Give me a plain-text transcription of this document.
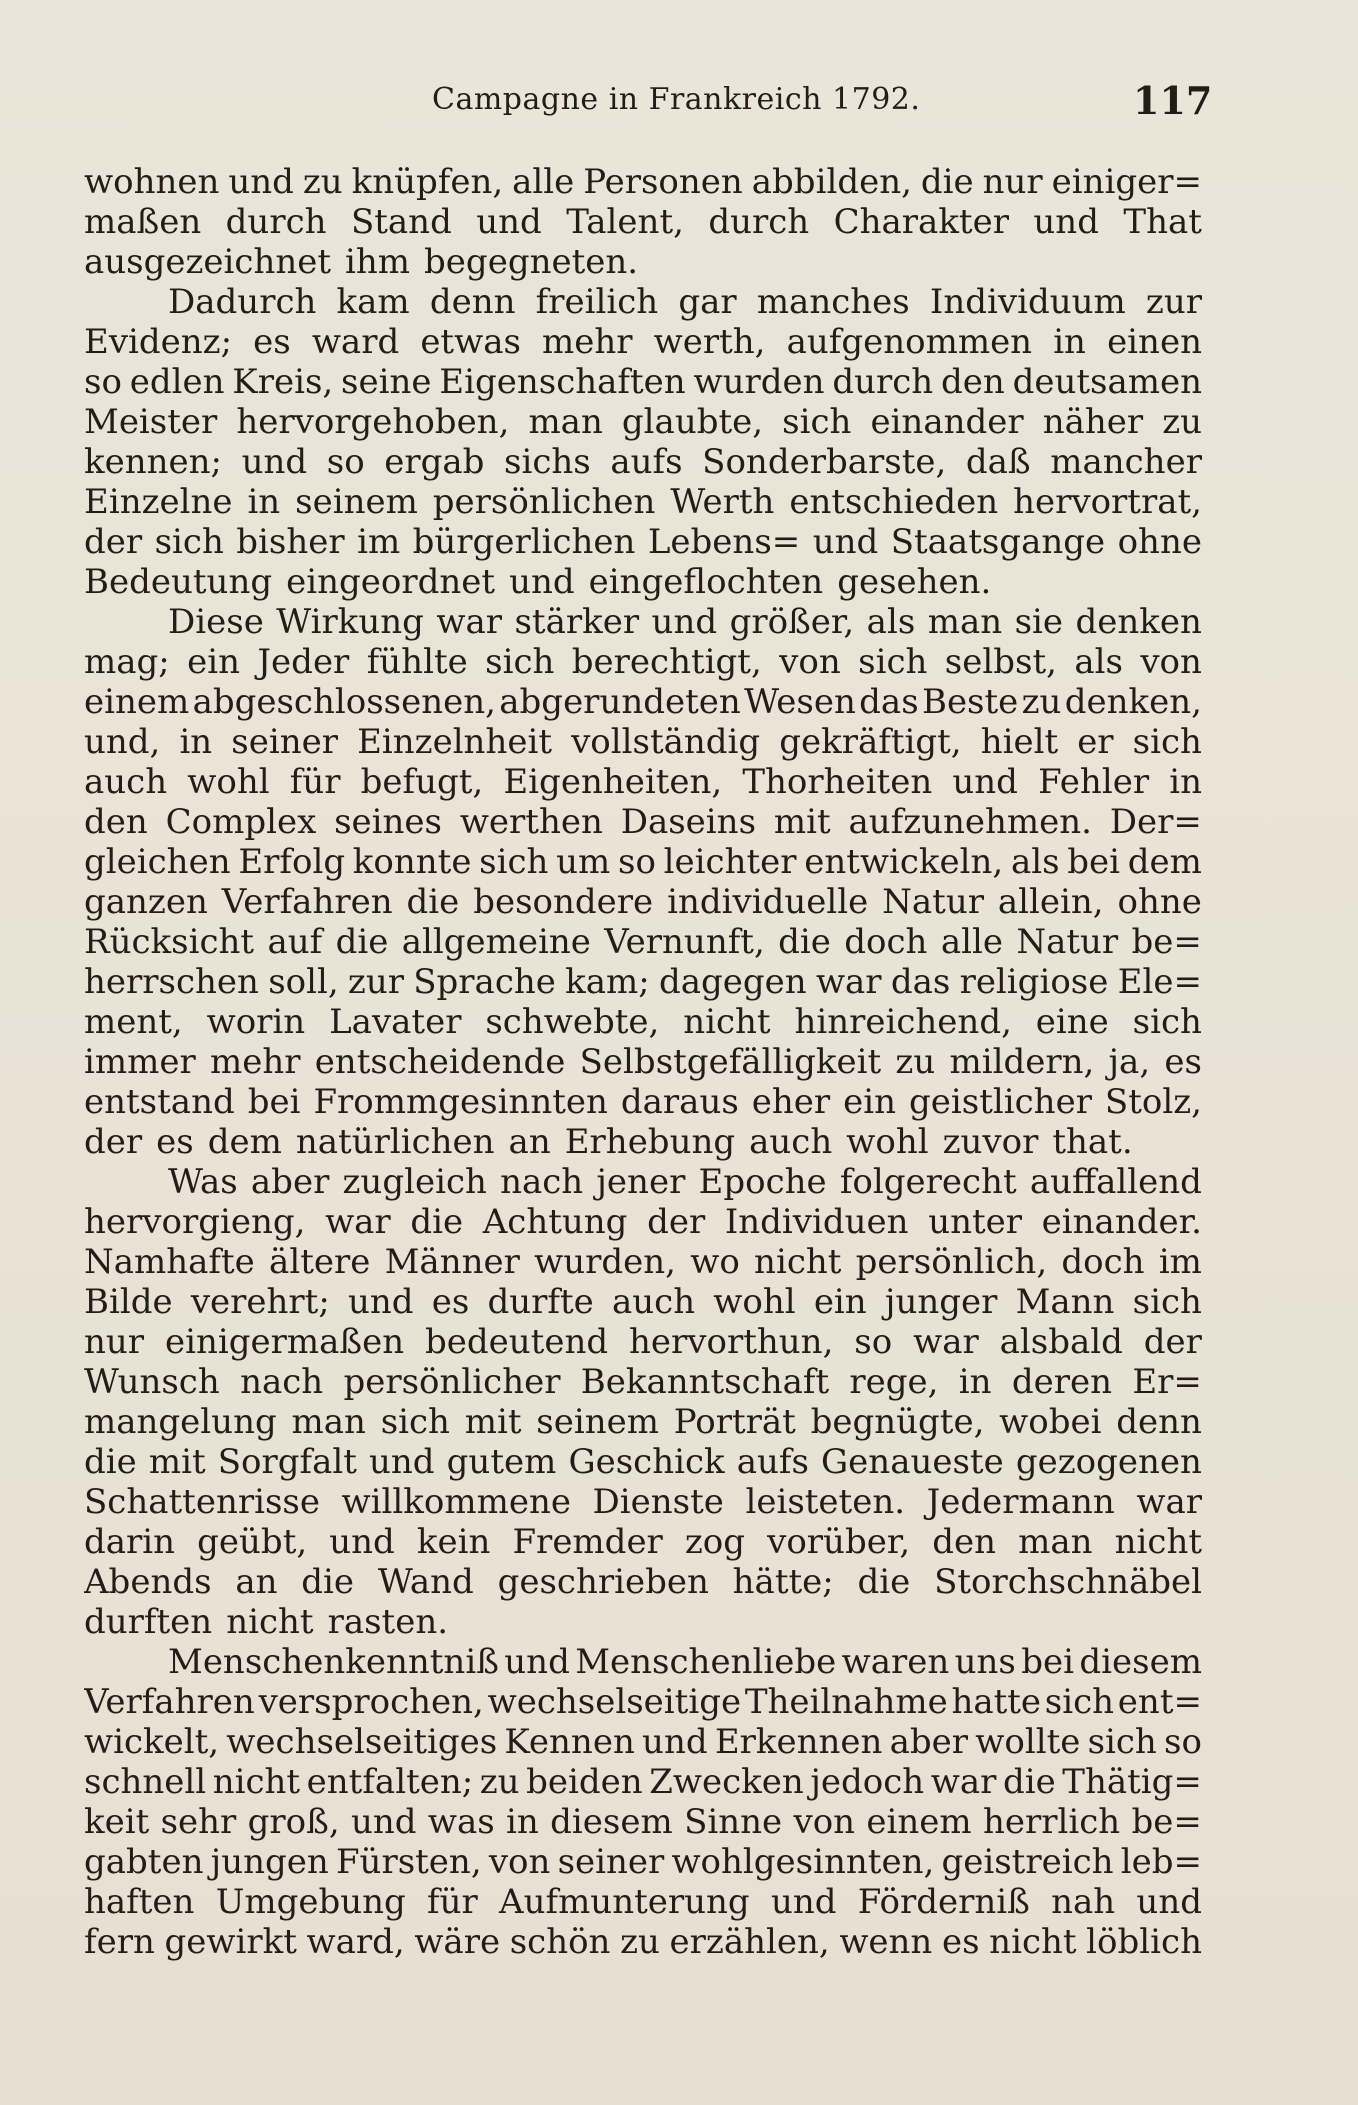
Campagne in Frankreich 1792.	117
wohnen und zu knüpfen, alle Personen abbilden, die nur einiger=
maßen durch Stand und Talent, durch Charakter und That
ausgezeichnet ihm begegneten.
Dadurch kam denn freilich gar manches Individuum zur
Evidenz; es ward etwas mehr werth, aufgenommen in einen
so edlen Kreis, seine Eigenschaften wurden durch den deutsamen
Meister hervorgehoben, man glaubte, sich einander näher zu
kennen; und so ergab sichs aufs Sonderbarste, daß mancher
Einzelne in seinem persönlichen Werth entschieden hervortrat,
der sich bisher im bürgerlichen Lebens= und Staatsgange ohne
Bedeutung eingeordnet und eingeflochten gesehen.
Diese Wirkung war stärker und größer, als man sie denken
mag; ein Jeder fühlte sich berechtigt, von sich selbst, als von
einem abgeschlossenen, abgerundeten Wesen das Beste zu denken,
und, in seiner Einzelnheit vollständig gekräftigt, hielt er sich
auch wohl für befugt, Eigenheiten, Thorheiten und Fehler in
den Complex seines werthen Daseins mit aufzunehmen. Der=
gleichen Erfolg konnte sich um so leichter entwickeln, als bei dem
ganzen Verfahren die besondere individuelle Natur allein, ohne
Rücksicht auf die allgemeine Vernunft, die doch alle Natur be=
herrschen soll, zur Sprache kam; dagegen war das religiose Ele=
ment, worin Lavater schwebte, nicht hinreichend, eine sich
immer mehr entscheidende Selbstgefälligkeit zu mildern, ja, es
entstand bei Frommgesinnten daraus eher ein geistlicher Stolz,
der es dem natürlichen an Erhebung auch wohl zuvor that.
Was aber zugleich nach jener Epoche folgerecht auffallend
hervorgieng, war die Achtung der Individuen unter einander.
Namhafte ältere Männer wurden, wo nicht persönlich, doch im
Bilde verehrt; und es durfte auch wohl ein junger Mann sich
nur einigermaßen bedeutend hervorthun, so war alsbald der
Wunsch nach persönlicher Bekanntschaft rege, in deren Er=
mangelung man sich mit seinem Porträt begnügte, wobei denn
die mit Sorgfalt und gutem Geschick aufs Genaueste gezogenen
Schattenrisse willkommene Dienste leisteten. Jedermann war
darin geübt, und kein Fremder zog vorüber, den man nicht
Abends an die Wand geschrieben hätte; die Storchschnäbel
durften nicht rasten.
Menschenkenntniß und Menschenliebe waren uns bei diesem
Verfahren versprochen, wechselseitige Theilnahme hatte sich ent=
wickelt, wechselseitiges Kennen und Erkennen aber wollte sich so
schnell nicht entfalten; zu beiden Zwecken jedoch war die Thätig=
keit sehr groß, und was in diesem Sinne von einem herrlich be=
gabten jungen Fürsten, von seiner wohlgesinnten, geistreich leb=
haften Umgebung für Aufmunterung und Förderniß nah und
fern gewirkt ward, wäre schön zu erzählen, wenn es nicht löblich
